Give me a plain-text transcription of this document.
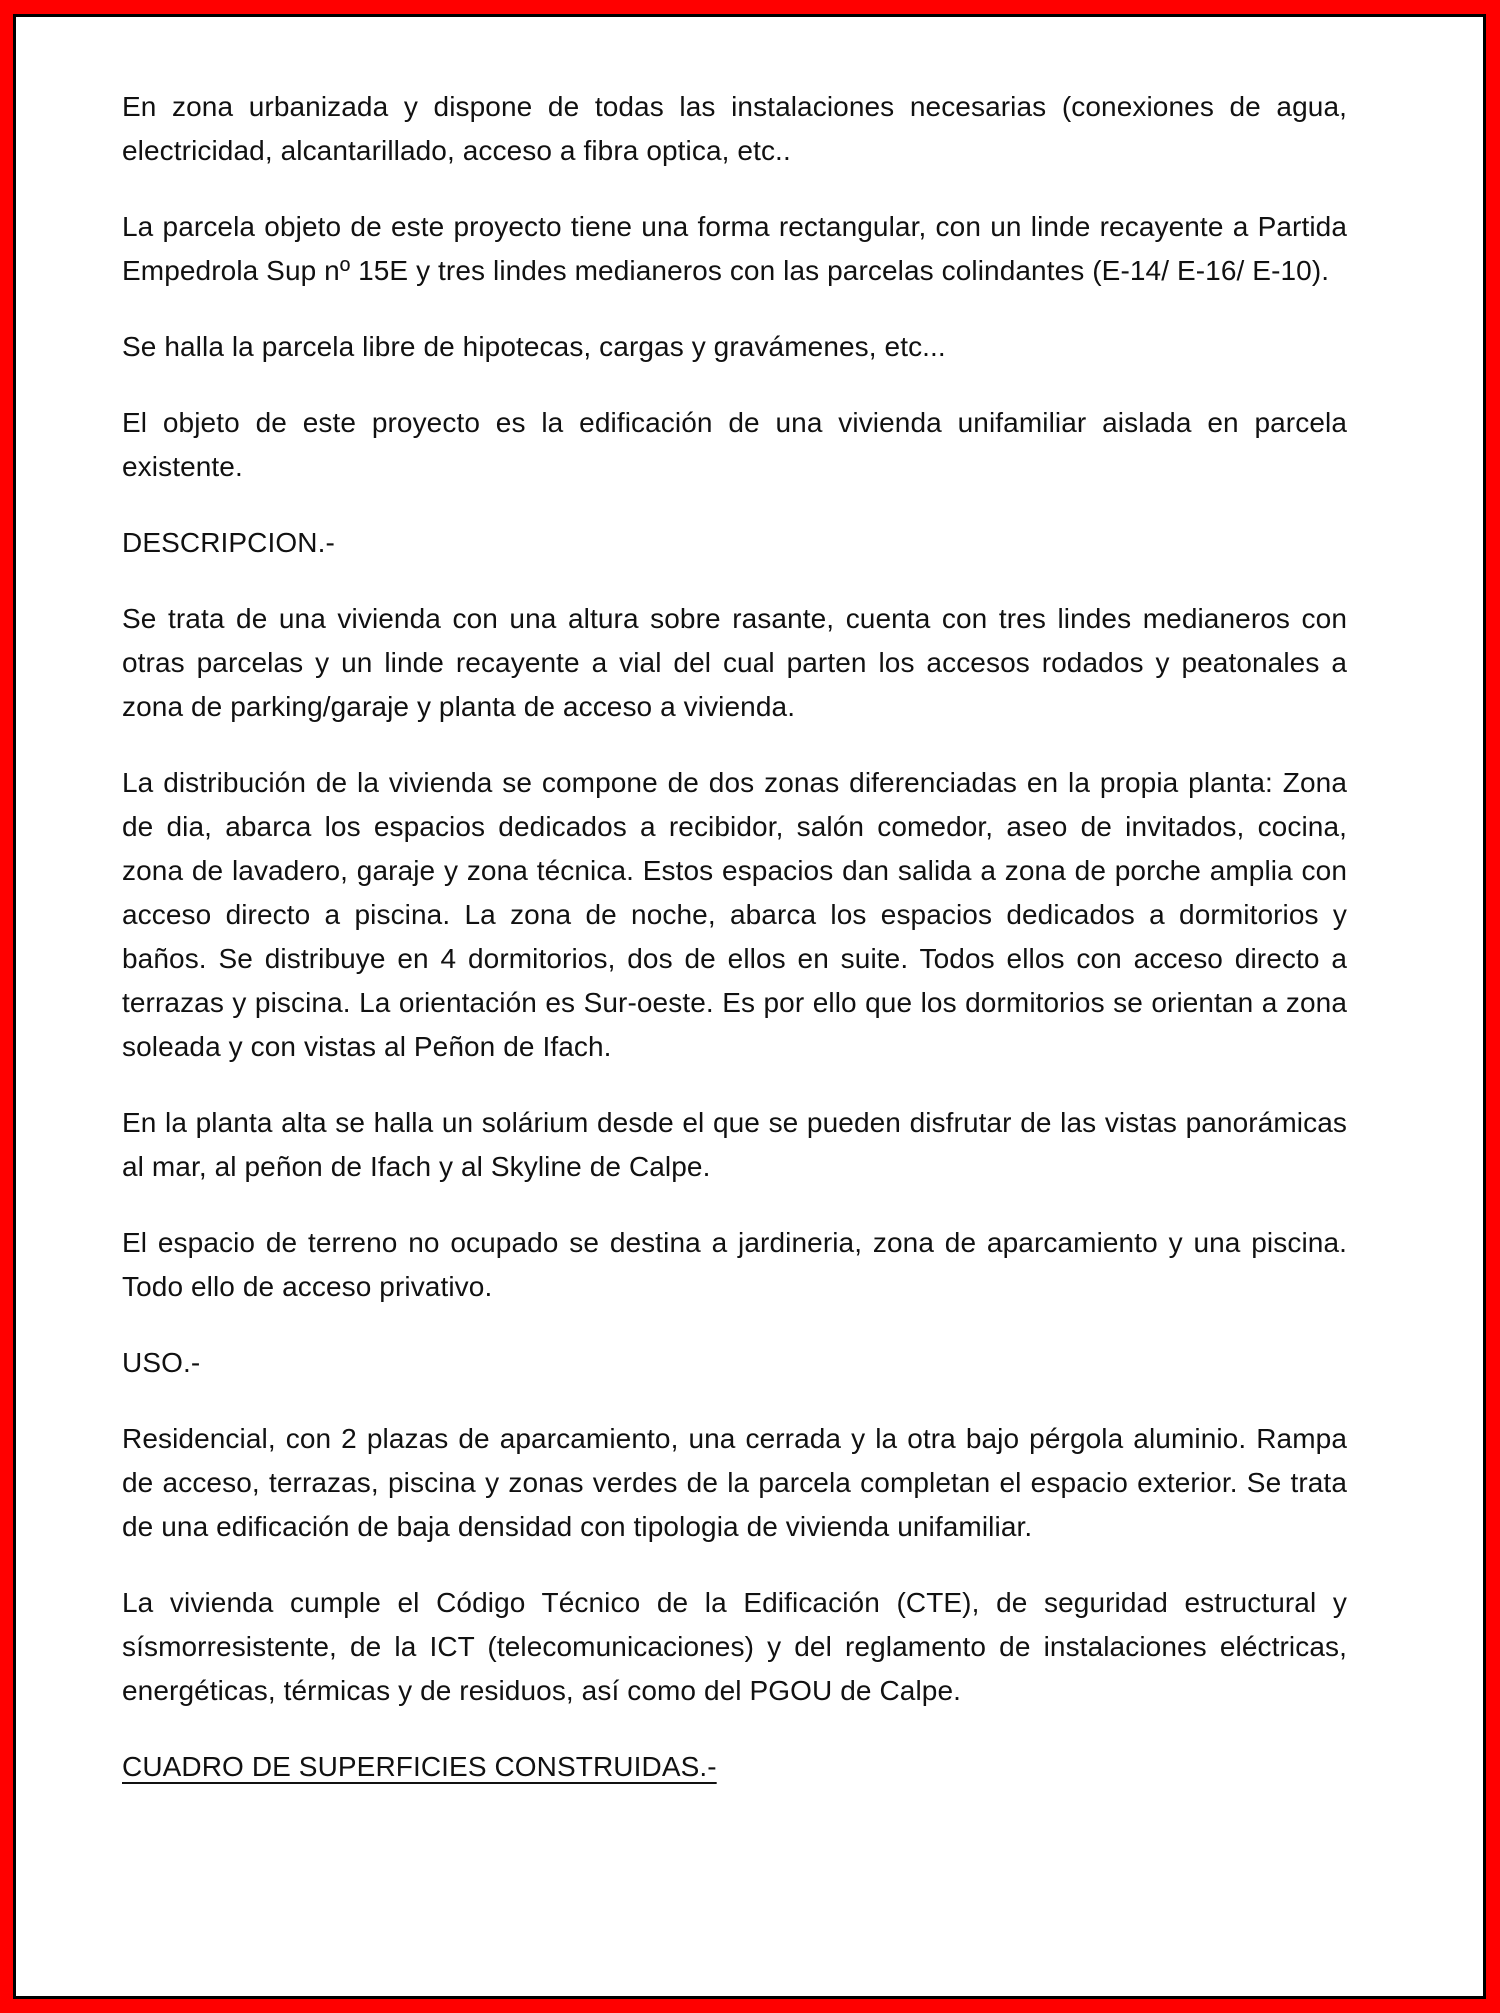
En zona urbanizada y dispone de todas las instalaciones necesarias (conexiones de agua, electricidad, alcantarillado, acceso a fibra optica, etc..

La parcela objeto de este proyecto tiene una forma rectangular, con un linde recayente a Partida Empedrola Sup nº 15E y tres lindes medianeros con las parcelas colindantes (E-14/ E-16/ E-10).

Se halla la parcela libre de hipotecas, cargas y gravámenes, etc...

El objeto de este proyecto es la edificación de una vivienda unifamiliar aislada en parcela existente.

DESCRIPCION.-

Se trata de una vivienda con una altura sobre rasante, cuenta con tres lindes medianeros con otras parcelas y un linde recayente a vial del cual parten los accesos rodados y peatonales a zona de parking/garaje y planta de acceso a vivienda.

La distribución de la vivienda se compone de dos zonas diferenciadas en la propia planta: Zona de dia, abarca los espacios dedicados a recibidor, salón comedor, aseo de invitados, cocina, zona de lavadero, garaje y zona técnica. Estos espacios dan salida a zona de porche amplia con acceso directo a piscina. La zona de noche, abarca los espacios dedicados a dormitorios y baños. Se distribuye en 4 dormitorios, dos de ellos en suite. Todos ellos con acceso directo a terrazas y piscina. La orientación es Sur-oeste. Es por ello que los dormitorios se orientan a zona soleada y con vistas al Peñon de Ifach.

En la planta alta se halla un solárium desde el que se pueden disfrutar de las vistas panorámicas al mar, al peñon de Ifach y al Skyline de Calpe.

El espacio de terreno no ocupado se destina a jardineria, zona de aparcamiento y una piscina. Todo ello de acceso privativo.

USO.-

Residencial, con 2 plazas de aparcamiento, una cerrada y la otra bajo pérgola aluminio. Rampa de acceso, terrazas, piscina y zonas verdes de la parcela completan el espacio exterior. Se trata de una edificación de baja densidad con tipologia de vivienda unifamiliar.

La vivienda cumple el Código Técnico de la Edificación (CTE), de seguridad estructural y sísmorresistente, de la ICT (telecomunicaciones) y del reglamento de instalaciones eléctricas, energéticas, térmicas y de residuos, así como del PGOU de Calpe.

CUADRO DE SUPERFICIES CONSTRUIDAS.-
